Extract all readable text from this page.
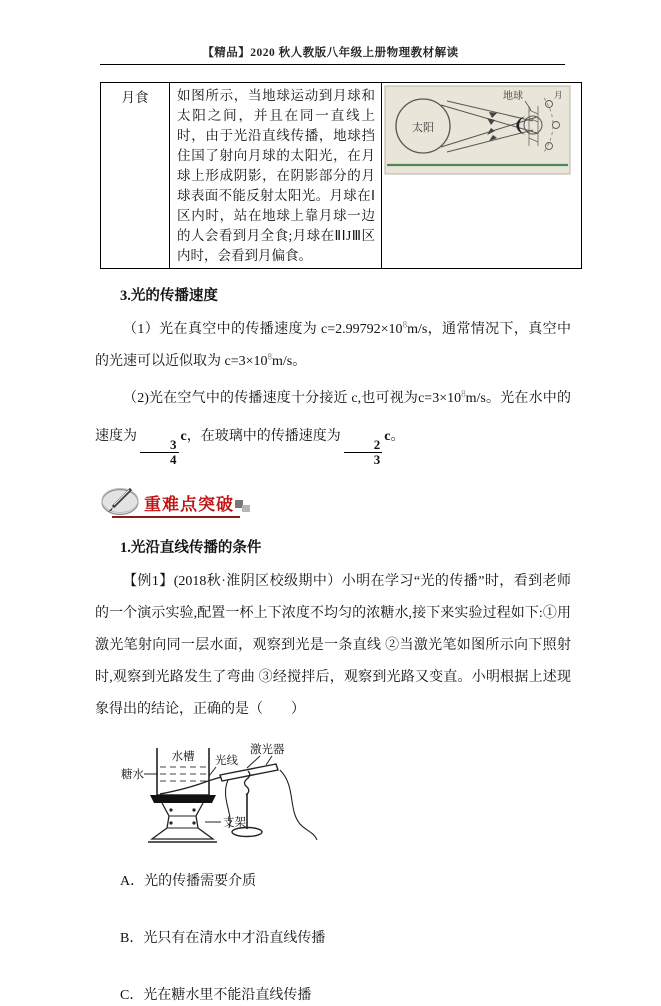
【精品】2020 秋人教版八年级上册物理教材解读
月食	如图所示，当地球运动到月球和太阳之间，并且在同一直线上时，由于光沿直线传播，地球挡住国了射向月球的太阳光，在月球上形成阴影，在阴影部分的月球表面不能反射太阳光。月球在Ⅰ区内时，站在地球上靠月球一边的人会看到月全食;月球在ⅡⅠJⅢ区内时，会看到月偏食。	
太阳
地球	月
3.光的传播速度

（1）光在真空中的传播速度为 $c=2.99792\times 10^8m/s$，通常情况下，真空中的光速可以近似取为 $c=3\times 10^8m/s$。

（2)光在空气中的传播速度十分接近 c,也可视为$c=3\times 10^8m/s$。光在水中的速度为
$\frac{3}{4}$
c，在玻璃中的传播速度为
$\frac{2}{3}$
c。

重难点突破
1.光沿直线传播的条件

【例1】(2018秋·淮阴区校级期中）小明在学习“光的传播”时，看到老师的一个演示实验,配置一杯上下浓度不均匀的浓糖水,接下来实验过程如下:①用激光笔射向同一层水面，观察到光是一条直线 ②当激光笔如图所示向下照射时,观察到光路发生了弯曲 ③经搅拌后，观察到光路又变直。小明根据上述现象得出的结论，正确的是（　　）

水槽
糖水
光线
激光器
支架
A．光的传播需要介质
B．光只有在清水中才沿直线传播
C．光在糖水里不能沿直线传播
